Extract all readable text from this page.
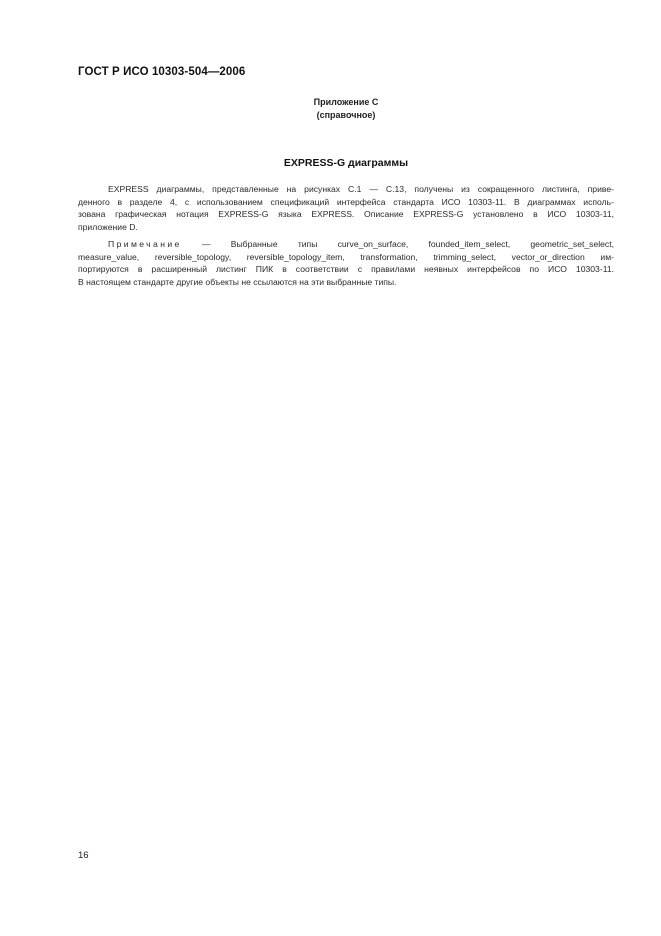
ГОСТ Р ИСО 10303-504—2006
Приложение С
(справочное)
EXPRESS-G диаграммы
EXPRESS диаграммы, представленные на рисунках С.1 — С.13, получены из сокращенного листинга, приве-
денного в разделе 4, с использованием спецификаций интерфейса стандарта ИСО 10303-11. В диаграммах исполь-
зована графическая нотация EXPRESS-G языка EXPRESS. Описание EXPRESS-G установлено в ИСО 10303-11,
приложение D.
Примечание — Выбранные типы curve_on_surface, founded_item_select, geometric_set_select,
measure_value, reversible_topology, reversible_topology_item, transformation, trimming_select, vector_or_direction им-
портируются в расширенный листинг ПИК в соответствии с правилами неявных интерфейсов по ИСО 10303-11.
В настоящем стандарте другие объекты не ссылаются на эти выбранные типы.
16
